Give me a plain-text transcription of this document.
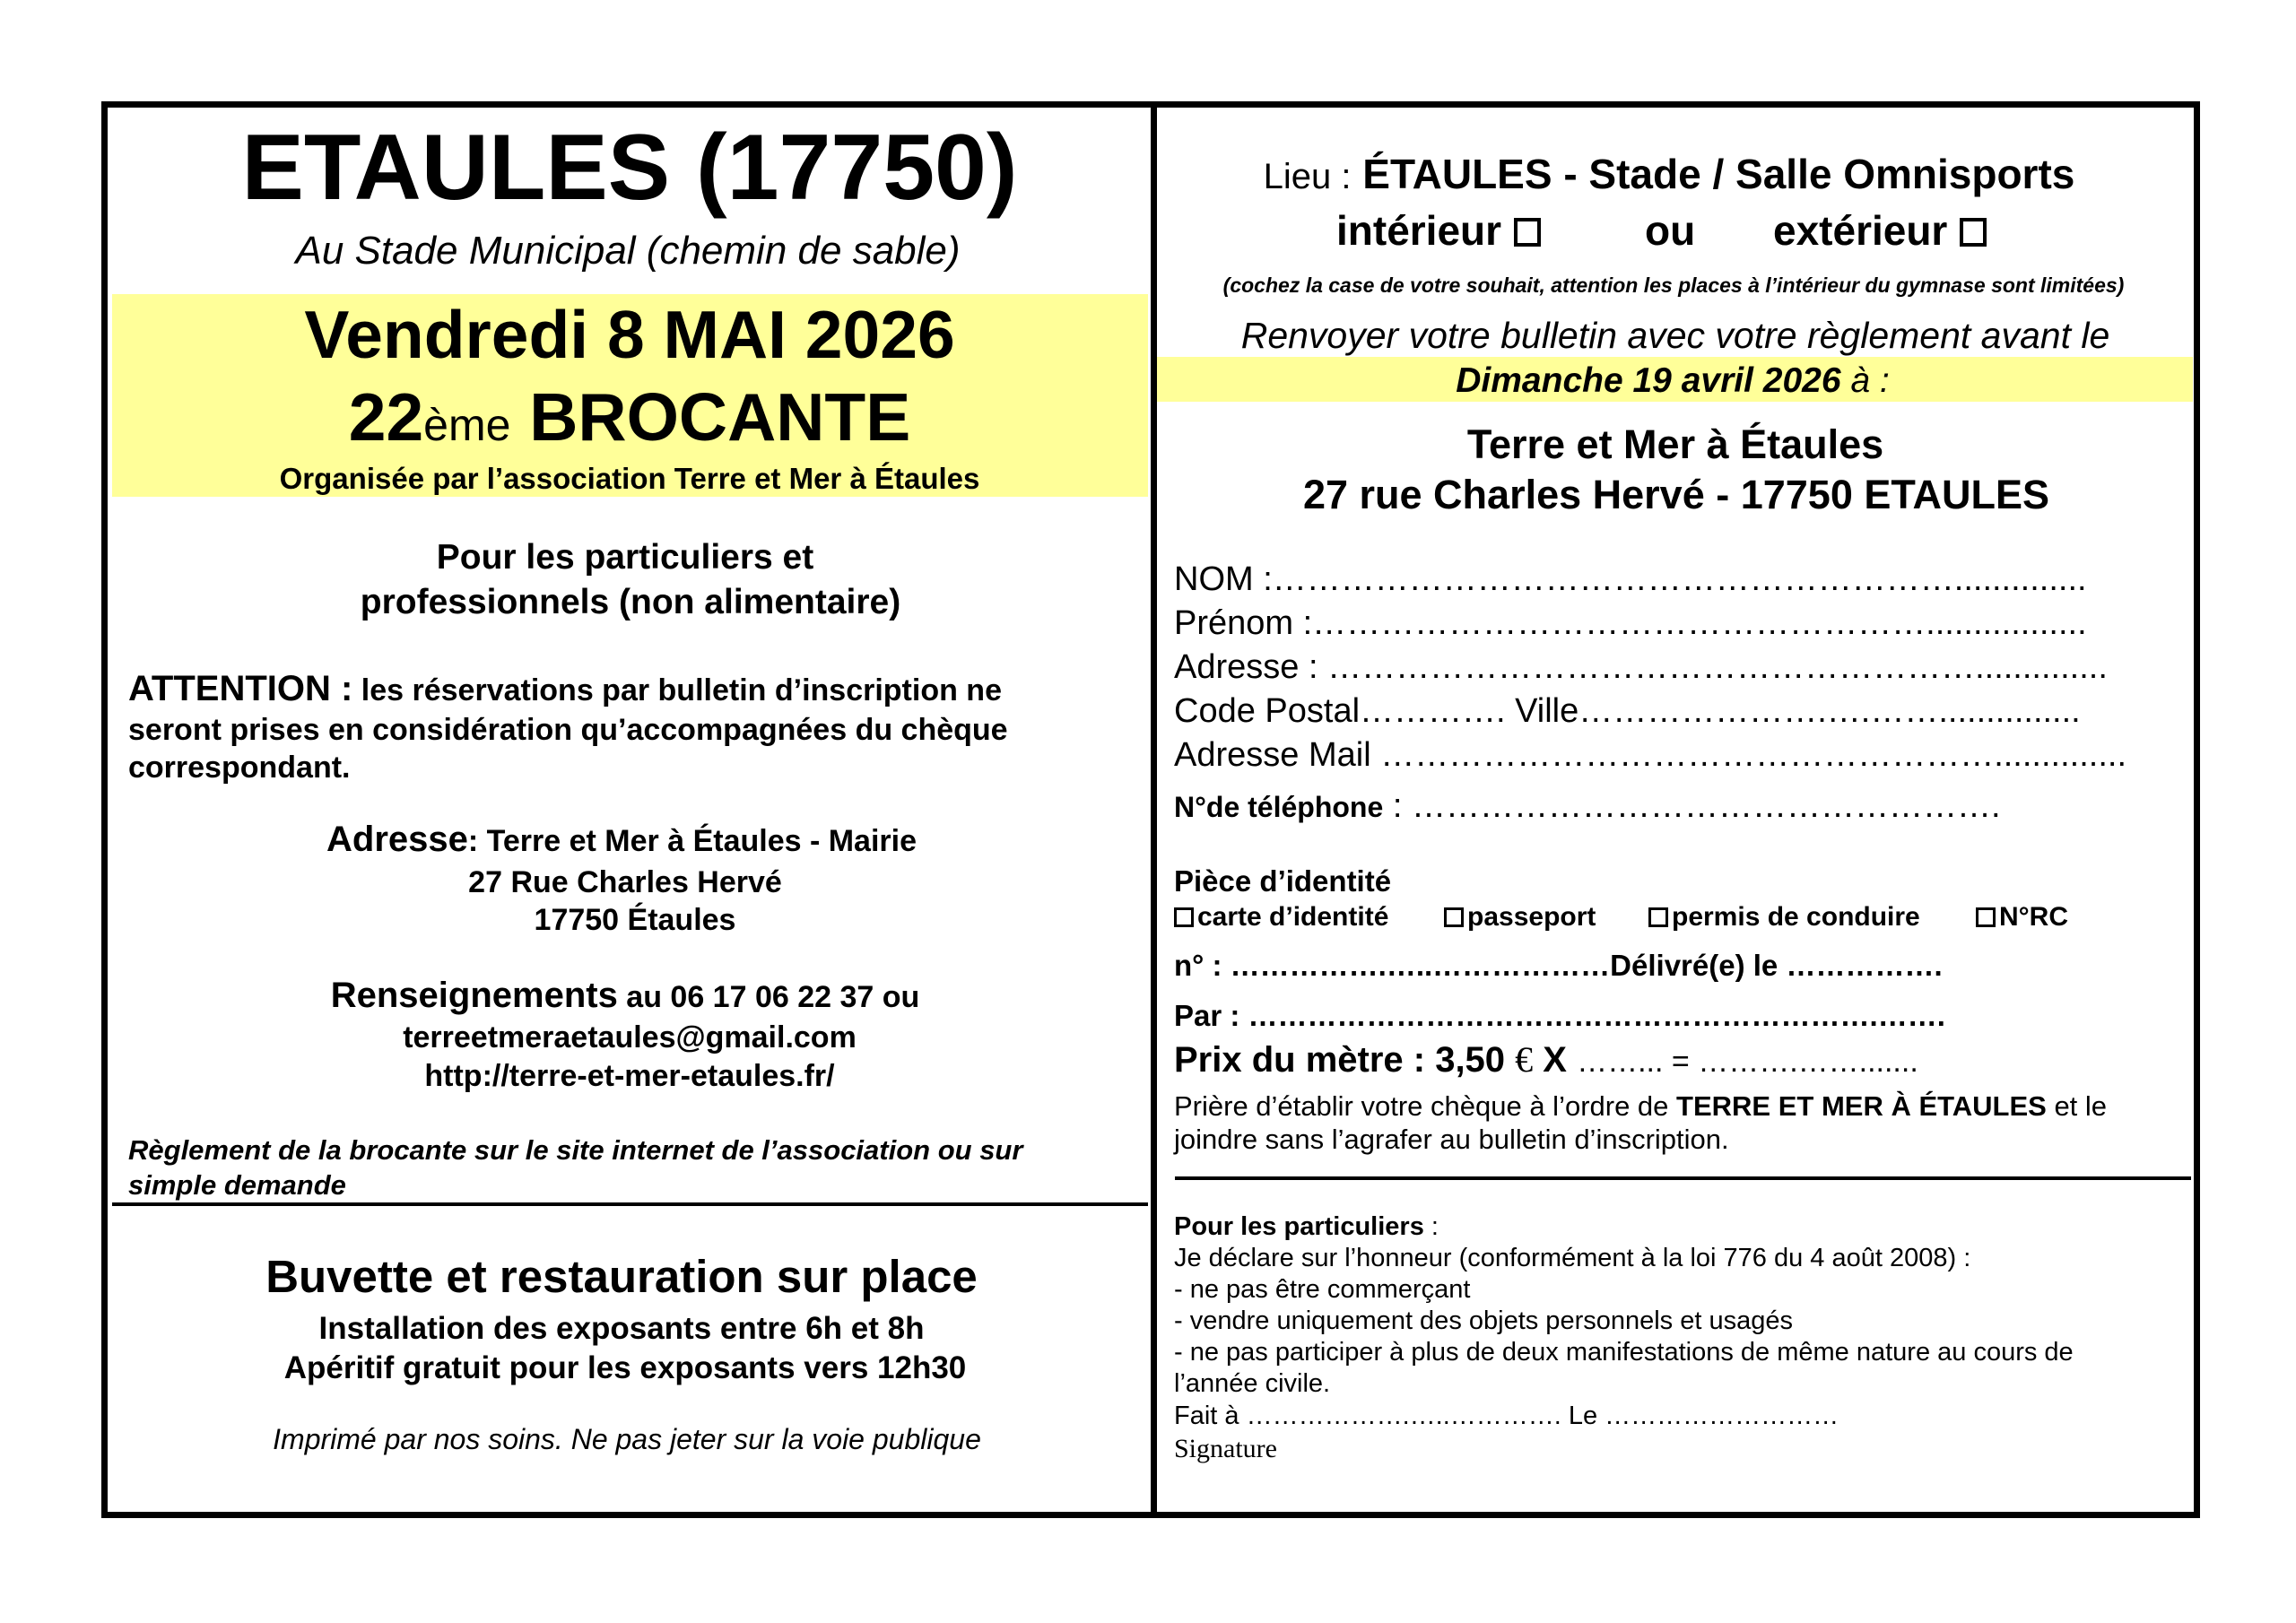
ETAULES (17750)
Au Stade Municipal (chemin de sable)
Vendredi 8 MAI 2026
22ème BROCANTE
Organisée par l’association Terre et Mer à Étaules
Pour les particuliers et
professionnels (non alimentaire)
ATTENTION : les réservations par bulletin d’inscription ne
seront prises en considération qu’accompagnées du chèque
correspondant.
Adresse: Terre et Mer à Étaules - Mairie
27 Rue Charles Hervé
17750 Étaules
Renseignements au 06 17 06 22 37 ou
terreetmeraetaules@gmail.com
http://terre-et-mer-etaules.fr/
Règlement de la brocante sur le site internet de l’association ou sur
simple demande
Buvette et restauration sur place
Installation des exposants entre 6h et 8h
Apéritif gratuit pour les exposants vers 12h30
Imprimé par nos soins. Ne pas jeter sur la voie publique
Lieu : ÉTAULES - Stade / Salle Omnisports
intérieur	ou extérieur
(cochez la case de votre souhait, attention les places à l’intérieur du gymnase sont limitées)
Renvoyer votre bulletin avec votre règlement avant le
Dimanche 19 avril 2026 à :
Terre et Mer à Étaules
27 rue Charles Hervé - 17750 ETAULES
NOM :……………………………………………………..............
Prénom :……………………………………………….................
Adresse : …………………………………………………..............
Code Postal…………. Ville………………….….……...............
Adresse Mail ………………………………………………..............
N°de téléphone : …………………………………………….
Pièce d’identité
carte d’identité	passeport	permis de conduire	N°RC
n° : …………….…..………………Délivré(e) le …………….
Par : ……………………………………………………….…….
Prix du mètre : 3,50 € X ……... = ……….…….......
Prière d’établir votre chèque à l’ordre de TERRE ET MER À ÉTAULES et le
joindre sans l’agrafer au bulletin d’inscription.
Pour les particuliers :
Je déclare sur l’honneur (conformément à la loi 776 du 4 août 2008) :
- ne pas être commerçant
- vendre uniquement des objets personnels et usagés
- ne pas participer à plus de deux manifestations de même nature au cours de
l’année civile.
Fait à ……………….…..…………. Le ………………………
Signature
